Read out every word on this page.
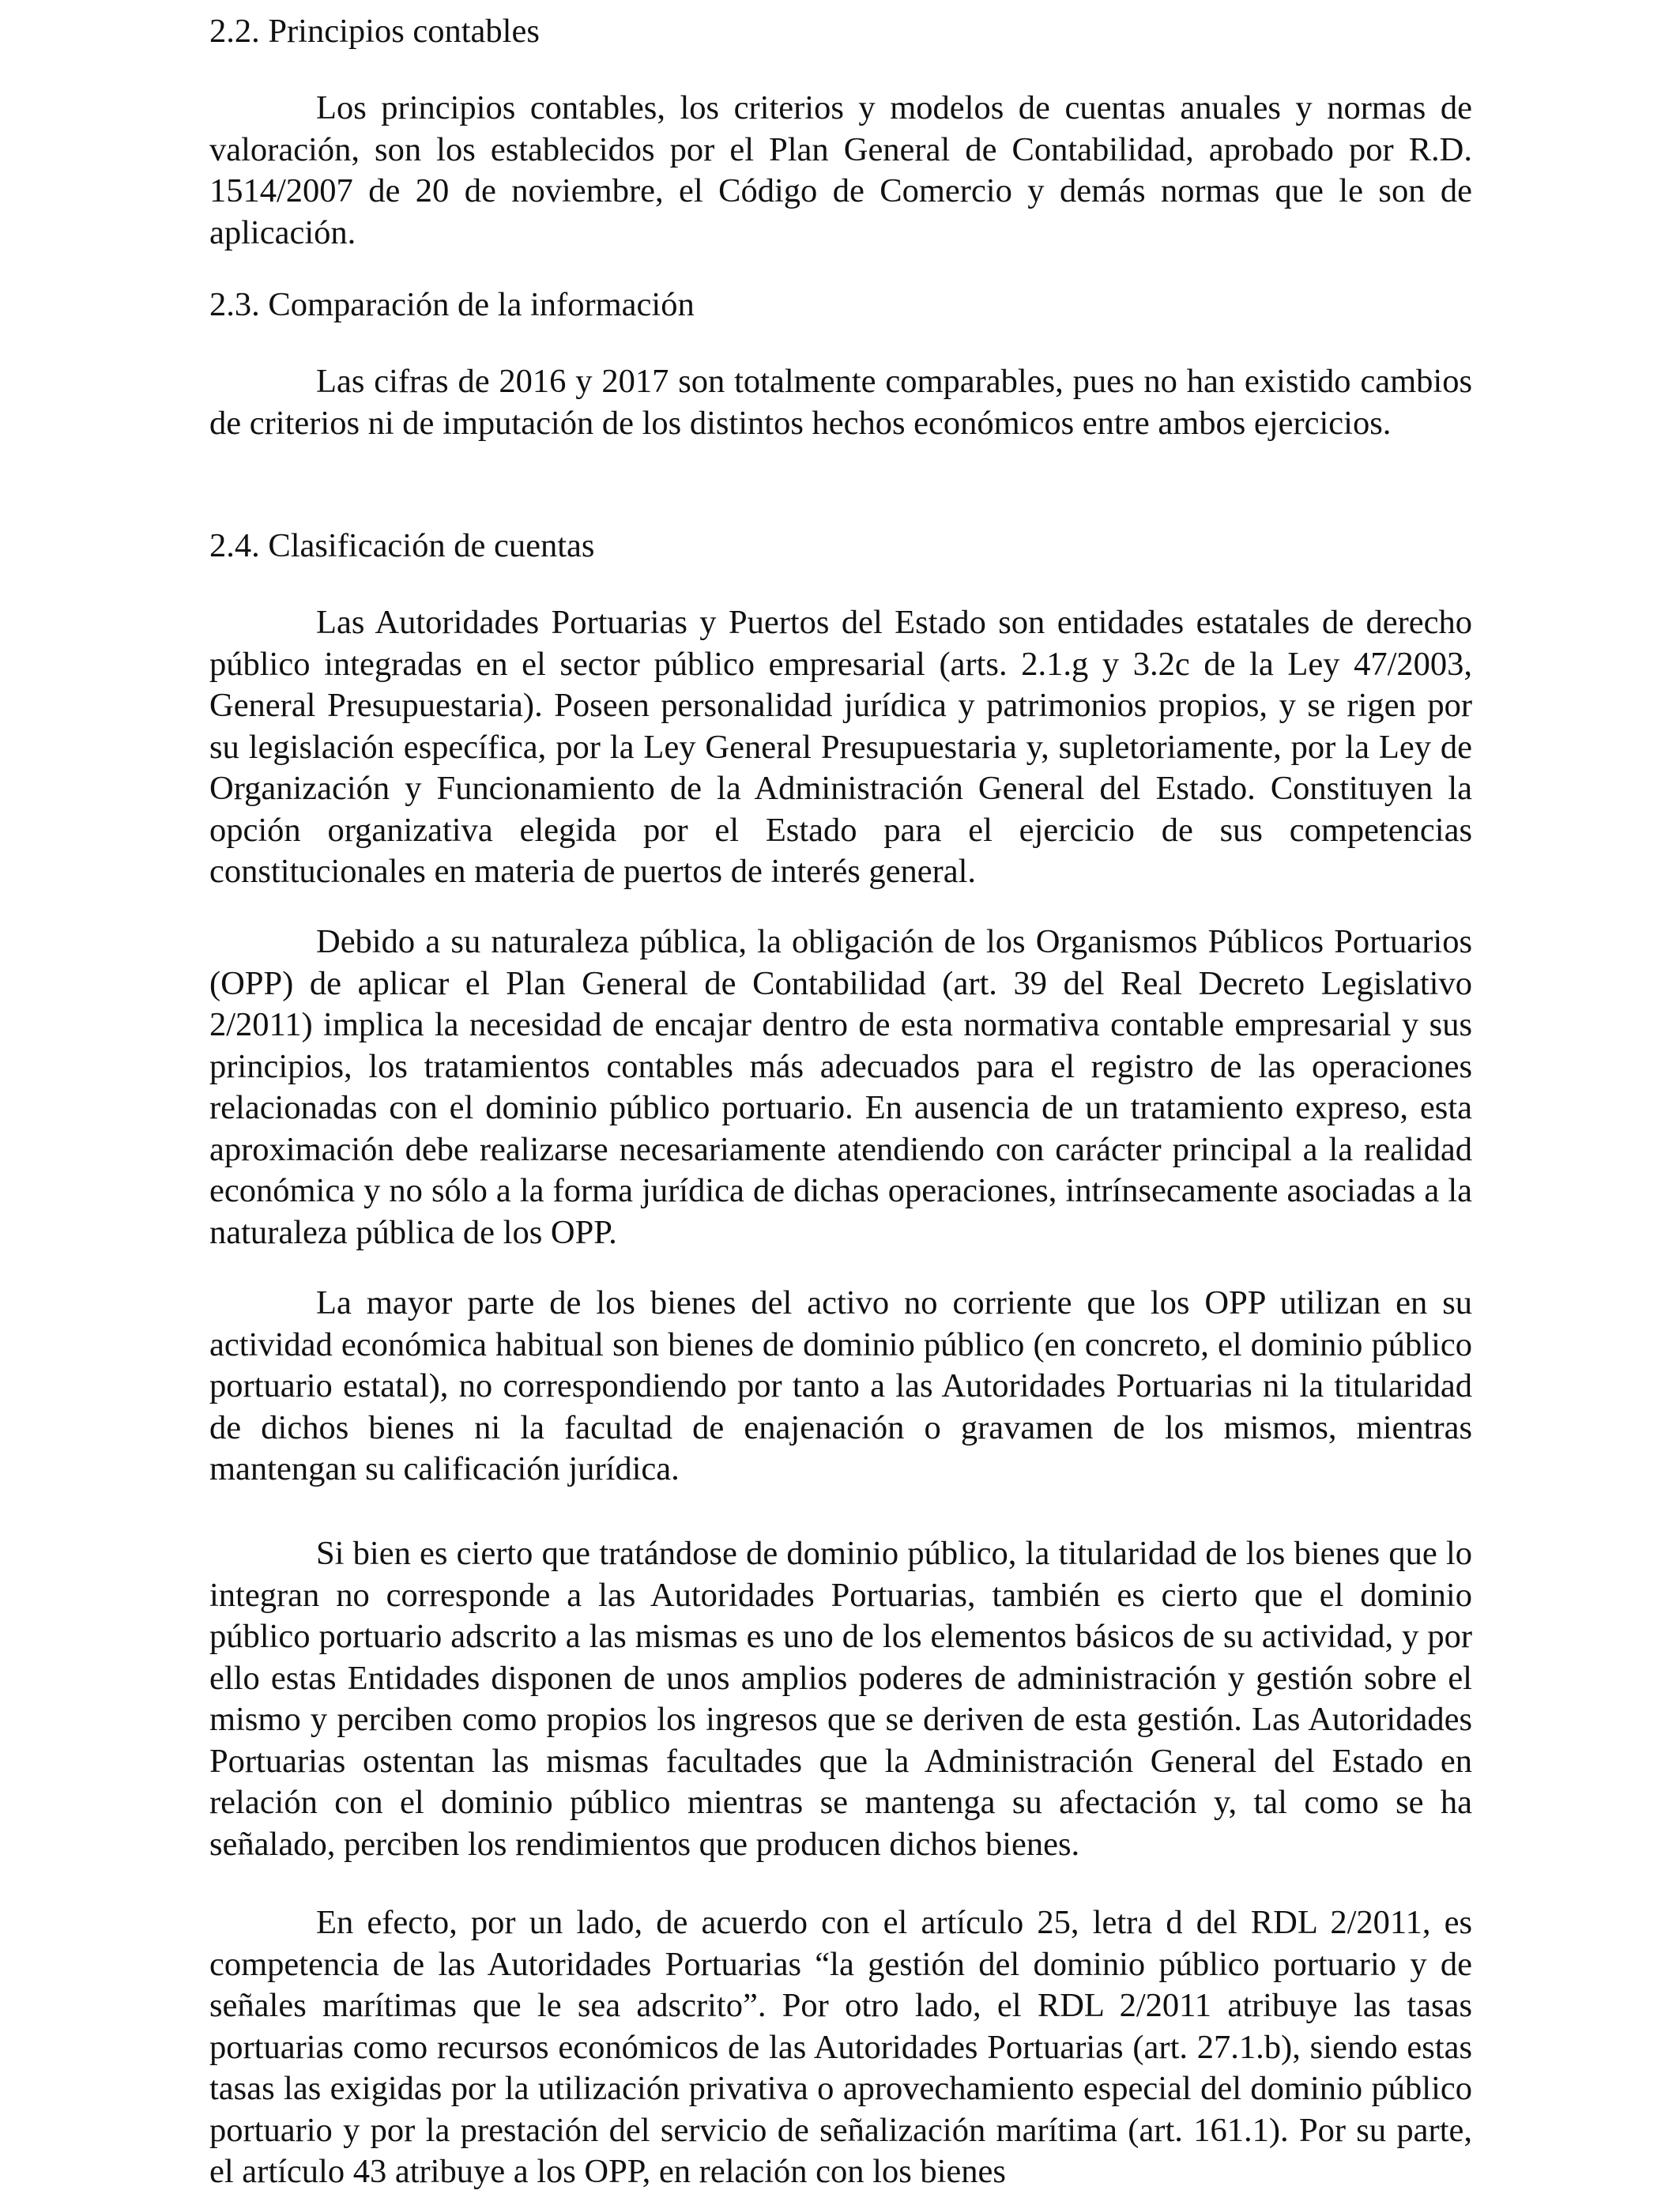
2.2. Principios contables

Los principios contables, los criterios y modelos de cuentas anuales y normas de valoración, son los establecidos por el Plan General de Contabilidad, aprobado por R.D. 1514/2007 de 20 de noviembre, el Código de Comercio y demás normas que le son de aplicación.

2.3. Comparación de la información

Las cifras de 2016 y 2017 son totalmente comparables, pues no han existido cambios de criterios ni de imputación de los distintos hechos económicos entre ambos ejercicios.

2.4. Clasificación de cuentas

Las Autoridades Portuarias y Puertos del Estado son entidades estatales de derecho público integradas en el sector público empresarial (arts. 2.1.g y 3.2c de la Ley 47/2003, General Presupuestaria). Poseen personalidad jurídica y patrimonios propios, y se rigen por su legislación específica, por la Ley General Presupuestaria y, supletoriamente, por la Ley de Organización y Funcionamiento de la Administración General del Estado. Constituyen la opción organizativa elegida por el Estado para el ejercicio de sus competencias constitucionales en materia de puertos de interés general.

Debido a su naturaleza pública, la obligación de los Organismos Públicos Portuarios (OPP) de aplicar el Plan General de Contabilidad (art. 39 del Real Decreto Legislativo 2/2011) implica la necesidad de encajar dentro de esta normativa contable empresarial y sus principios, los tratamientos contables más adecuados para el registro de las operaciones relacionadas con el dominio público portuario. En ausencia de un tratamiento expreso, esta aproximación debe realizarse necesariamente atendiendo con carácter principal a la realidad económica y no sólo a la forma jurídica de dichas operaciones, intrínsecamente asociadas a la naturaleza pública de los OPP.

La mayor parte de los bienes del activo no corriente que los OPP utilizan en su actividad económica habitual son bienes de dominio público (en concreto, el dominio público portuario estatal), no correspondiendo por tanto a las Autoridades Portuarias ni la titularidad de dichos bienes ni la facultad de enajenación o gravamen de los mismos, mientras mantengan su calificación jurídica.

Si bien es cierto que tratándose de dominio público, la titularidad de los bienes que lo integran no corresponde a las Autoridades Portuarias, también es cierto que el dominio público portuario adscrito a las mismas es uno de los elementos básicos de su actividad, y por ello estas Entidades disponen de unos amplios poderes de administración y gestión sobre el mismo y perciben como propios los ingresos que se deriven de esta gestión. Las Autoridades Portuarias ostentan las mismas facultades que la Administración General del Estado en relación con el dominio público mientras se mantenga su afectación y, tal como se ha señalado, perciben los rendimientos que producen dichos bienes.

En efecto, por un lado, de acuerdo con el artículo 25, letra d del RDL 2/2011, es competencia de las Autoridades Portuarias “la gestión del dominio público portuario y de señales marítimas que le sea adscrito”. Por otro lado, el RDL 2/2011 atribuye las tasas portuarias como recursos económicos de las Autoridades Portuarias (art. 27.1.b), siendo estas tasas las exigidas por la utilización privativa o aprovechamiento especial del dominio público portuario y por la prestación del servicio de señalización marítima (art. 161.1). Por su parte, el artículo 43 atribuye a los OPP, en relación con los bienes
